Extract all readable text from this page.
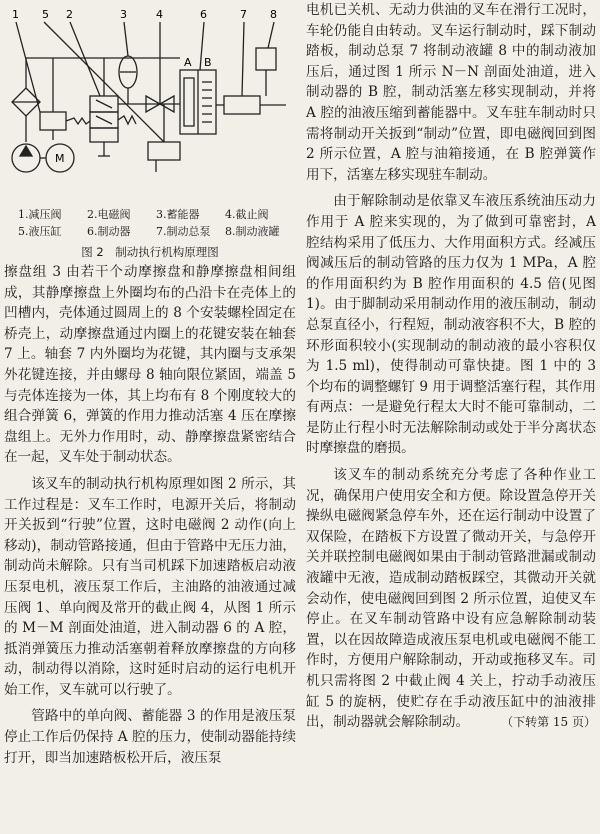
1 5 2	3	4	6	7 8
A B
M
1.减压阀	2.电磁阀	3.蓄能器	4.截止阀
5.液压缸	6.制动器	7.制动总泵	8.制动液罐
图 2　制动执行机构原理图

擦盘组 3 由若干个动摩擦盘和静摩擦盘相间组成，其静摩擦盘上外圈均布的凸沿卡在壳体上的凹槽内，壳体通过圆周上的 8 个安装螺栓固定在桥壳上，动摩擦盘通过内圈上的花键安装在轴套 7 上。轴套 7 内外圈均为花键，其内圈与支承架外花键连接，并由螺母 8 轴向限位紧固，端盖 5 与壳体连接为一体，其上均布有 8 个刚度较大的组合弹簧 6，弹簧的作用力推动活塞 4 压在摩擦盘组上。无外力作用时，动、静摩擦盘紧密结合在一起，叉车处于制动状态。

该叉车的制动执行机构原理如图 2 所示，其工作过程是：叉车工作时，电源开关后，将制动开关扳到“行驶”位置，这时电磁阀 2 动作(向上移动)，制动管路接通，但由于管路中无压力油，制动尚未解除。只有当司机踩下加速踏板启动液压泵电机，液压泵工作后，主油路的油液通过减压阀 1、单向阀及常开的截止阀 4，从图 1 所示的 M－M 剖面处油道，进入制动器 6 的 A 腔，抵消弹簧压力推动活塞朝着释放摩擦盘的方向移动，制动得以消除，这时延时启动的运行电机开始工作，叉车就可以行驶了。

管路中的单向阀、蓄能器 3 的作用是液压泵停止工作后仍保持 A 腔的压力，使制动器能持续打开，即当加速踏板松开后，液压泵

电机已关机、无动力供油的叉车在滑行工况时，车轮仍能自由转动。叉车运行制动时，踩下制动踏板，制动总泵 7 将制动液罐 8 中的制动液加压后，通过图 1 所示 N－N 剖面处油道，进入制动器的 B 腔，制动活塞左移实现制动，并将 A 腔的油液压缩到蓄能器中。叉车驻车制动时只需将制动开关扳到“制动”位置，即电磁阀回到图 2 所示位置，A 腔与油箱接通，在 B 腔弹簧作用下，活塞左移实现驻车制动。

由于解除制动是依靠叉车液压系统油压动力作用于 A 腔来实现的，为了做到可靠密封，A 腔结构采用了低压力、大作用面积方式。经减压阀减压后的制动管路的压力仅为 1 MPa，A 腔的作用面积约为 B 腔作用面积的 4.5 倍(见图 1)。由于脚制动采用制动作用的液压制动，制动总泵直径小，行程短，制动液容积不大，B 腔的环形面积较小(实现制动的制动液的最小容积仅为 1.5 ml)，使得制动可靠快捷。图 1 中的 3 个均布的调整螺钉 9 用于调整活塞行程，其作用有两点：一是避免行程太大时不能可靠制动，二是防止行程小时无法解除制动或处于半分离状态时摩擦盘的磨损。

该叉车的制动系统充分考虑了各种作业工况，确保用户使用安全和方便。除设置急停开关操纵电磁阀紧急停车外，还在运行制动中设置了双保险，在踏板下方设置了微动开关，与急停开关并联控制电磁阀如果由于制动管路泄漏或制动液罐中无液，造成制动踏板踩空，其微动开关就会动作，使电磁阀回到图 2 所示位置，迫使叉车停止。在叉车制动管路中设有应急解除制动装置，以在因故障造成液压泵电机或电磁阀不能工作时，方便用户解除制动，开动或拖移叉车。司机只需将图 2 中截止阀 4 关上，拧动手动液压缸 5 的旋柄，使贮存在手动液压缸中的油液排出，制动器就会解除制动。	（下转第 15 页）
